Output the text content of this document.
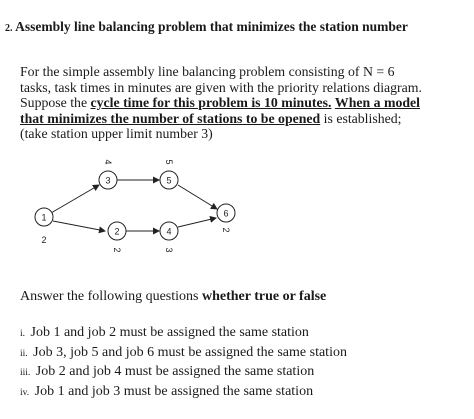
2. Assembly line balancing problem that minimizes the station number
For the simple assembly line balancing problem consisting of N = 6
tasks, task times in minutes are given with the priority relations diagram.
Suppose the cycle time for this problem is 10 minutes. When a model
that minimizes the number of stations to be opened is established;
(take station upper limit number 3)
1
2
2
2
3
4
4
3
5
5
6
2
Answer the following questions whether true or false
i. Job 1 and job 2 must be assigned the same station
ii. Job 3, job 5 and job 6 must be assigned the same station
iii. Job 2 and job 4 must be assigned the same station
iv. Job 1 and job 3 must be assigned the same station
